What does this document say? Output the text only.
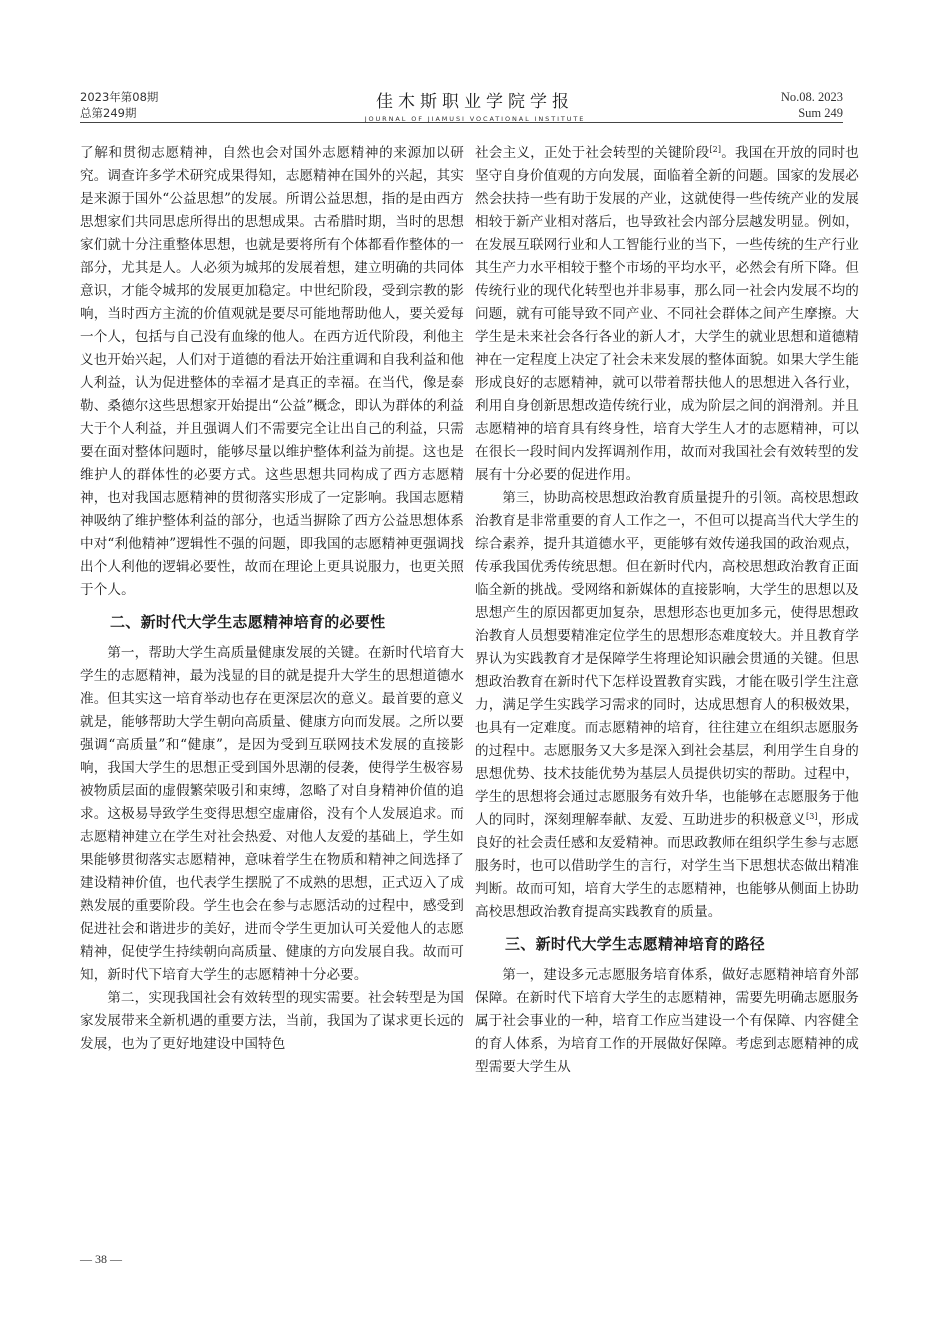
2023年第08期
总第249期
佳木斯职业学院学报
JOURNAL OF JIAMUSI VOCATIONAL INSTITUTE
No.08. 2023
Sum 249

了解和贯彻志愿精神，自然也会对国外志愿精神的来源加以研究。调查许多学术研究成果得知，志愿精神在国外的兴起，其实是来源于国外“公益思想”的发展。所谓公益思想，指的是由西方思想家们共同思虑所得出的思想成果。古希腊时期，当时的思想家们就十分注重整体思想，也就是要将所有个体都看作整体的一部分，尤其是人。人必须为城邦的发展着想，建立明确的共同体意识，才能令城邦的发展更加稳定。中世纪阶段，受到宗教的影响，当时西方主流的价值观就是要尽可能地帮助他人，要关爱每一个人，包括与自己没有血缘的他人。在西方近代阶段，利他主义也开始兴起，人们对于道德的看法开始注重调和自我利益和他人利益，认为促进整体的幸福才是真正的幸福。在当代，像是泰勒、桑德尔这些思想家开始提出“公益”概念，即认为群体的利益大于个人利益，并且强调人们不需要完全让出自己的利益，只需要在面对整体问题时，能够尽量以维护整体利益为前提。这也是维护人的群体性的必要方式。这些思想共同构成了西方志愿精神，也对我国志愿精神的贯彻落实形成了一定影响。我国志愿精神吸纳了维护整体利益的部分，也适当摒除了西方公益思想体系中对“利他精神”逻辑性不强的问题，即我国的志愿精神更强调找出个人利他的逻辑必要性，故而在理论上更具说服力，也更关照于个人。

二、新时代大学生志愿精神培育的必要性

第一，帮助大学生高质量健康发展的关键。在新时代培育大学生的志愿精神，最为浅显的目的就是提升大学生的思想道德水准。但其实这一培育举动也存在更深层次的意义。最首要的意义就是，能够帮助大学生朝向高质量、健康方向而发展。之所以要强调“高质量”和“健康”，是因为受到互联网技术发展的直接影响，我国大学生的思想正受到国外思潮的侵袭，使得学生极容易被物质层面的虚假繁荣吸引和束缚，忽略了对自身精神价值的追求。这极易导致学生变得思想空虚庸俗，没有个人发展追求。而志愿精神建立在学生对社会热爱、对他人友爱的基础上，学生如果能够贯彻落实志愿精神，意味着学生在物质和精神之间选择了建设精神价值，也代表学生摆脱了不成熟的思想，正式迈入了成熟发展的重要阶段。学生也会在参与志愿活动的过程中，感受到促进社会和谐进步的美好，进而令学生更加认可关爱他人的志愿精神，促使学生持续朝向高质量、健康的方向发展自我。故而可知，新时代下培育大学生的志愿精神十分必要。

第二，实现我国社会有效转型的现实需要。社会转型是为国家发展带来全新机遇的重要方法，当前，我国为了谋求更长远的发展，也为了更好地建设中国特色

社会主义，正处于社会转型的关键阶段[2]。我国在开放的同时也坚守自身价值观的方向发展，面临着全新的问题。国家的发展必然会扶持一些有助于发展的产业，这就使得一些传统产业的发展相较于新产业相对落后，也导致社会内部分层越发明显。例如，在发展互联网行业和人工智能行业的当下，一些传统的生产行业其生产力水平相较于整个市场的平均水平，必然会有所下降。但传统行业的现代化转型也并非易事，那么同一社会内发展不均的问题，就有可能导致不同产业、不同社会群体之间产生摩擦。大学生是未来社会各行各业的新人才，大学生的就业思想和道德精神在一定程度上决定了社会未来发展的整体面貌。如果大学生能形成良好的志愿精神，就可以带着帮扶他人的思想进入各行业，利用自身创新思想改造传统行业，成为阶层之间的润滑剂。并且志愿精神的培育具有终身性，培育大学生人才的志愿精神，可以在很长一段时间内发挥调剂作用，故而对我国社会有效转型的发展有十分必要的促进作用。

第三，协助高校思想政治教育质量提升的引领。高校思想政治教育是非常重要的育人工作之一，不但可以提高当代大学生的综合素养，提升其道德水平，更能够有效传递我国的政治观点，传承我国优秀传统思想。但在新时代内，高校思想政治教育正面临全新的挑战。受网络和新媒体的直接影响，大学生的思想以及思想产生的原因都更加复杂，思想形态也更加多元，使得思想政治教育人员想要精准定位学生的思想形态难度较大。并且教育学界认为实践教育才是保障学生将理论知识融会贯通的关键。但思想政治教育在新时代下怎样设置教育实践，才能在吸引学生注意力，满足学生实践学习需求的同时，达成思想育人的积极效果，也具有一定难度。而志愿精神的培育，往往建立在组织志愿服务的过程中。志愿服务又大多是深入到社会基层，利用学生自身的思想优势、技术技能优势为基层人员提供切实的帮助。过程中，学生的思想将会通过志愿服务有效升华，也能够在志愿服务于他人的同时，深刻理解奉献、友爱、互助进步的积极意义[3]，形成良好的社会责任感和友爱精神。而思政教师在组织学生参与志愿服务时，也可以借助学生的言行，对学生当下思想状态做出精准判断。故而可知，培育大学生的志愿精神，也能够从侧面上协助高校思想政治教育提高实践教育的质量。

三、新时代大学生志愿精神培育的路径

第一，建设多元志愿服务培育体系，做好志愿精神培育外部保障。在新时代下培育大学生的志愿精神，需要先明确志愿服务属于社会事业的一种，培育工作应当建设一个有保障、内容健全的育人体系，为培育工作的开展做好保障。考虑到志愿精神的成型需要大学生从

— 38 —
